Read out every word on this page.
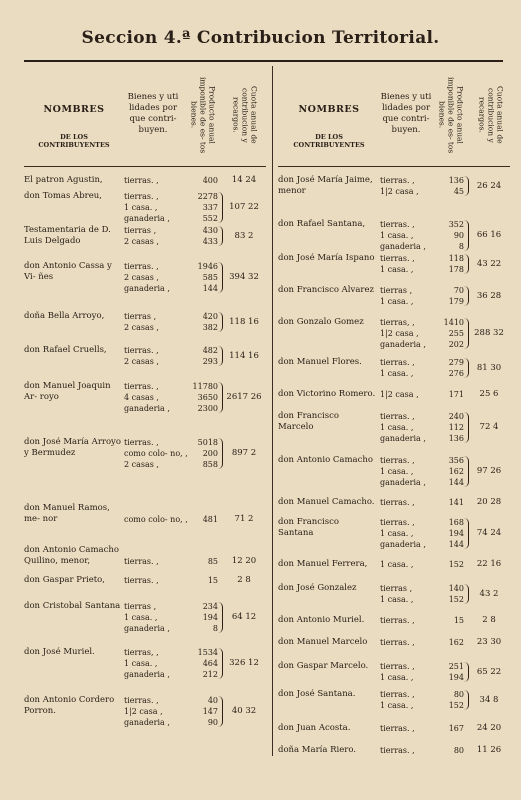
Seccion 4.ª Contribucion Territorial.
NOMBRES
DE LOS CONTRIBUYENTES
Bienes y uti lidades por que contri- buyen.	Producto anual imponible de es- tos bienes.	Cuota anual de contribucion y recargos.
El patron Agustin,	tierras. ,	400	14 24
don Tomas Abreu,	tierras. ,	2278
1 casa. ,	337
ganaderia ,	552
107 22
Testamentaria de D. Luis Delgado
tierras ,	430
2 casas ,	433
83 2
don Antonio Cassa y Vi- ñes
tierras. ,	1946
2 casas ,	585
ganaderia ,	144
394 32
doña Bella Arroyo,	tierras ,	420
2 casas ,	382
118 16
don Rafael Cruells,	tierras. ,	482
2 casas ,	293
114 16
don Manuel Joaquin Ar- royo
tierras. ,	11780
4 casas ,	3650
ganaderia ,	2300
2617 26
don José María Arroyo y Bermudez
tierras. ,	5018
como colo- no, ,	200
2 casas ,	858
897 2
don Manuel Ramos, me- nor	como colo- no, ,	481	71 2
don Antonio Camacho Quilino, menor,	tierras. ,	85	12 20
don Gaspar Prieto,	tierras. ,	15	2 8
don Cristobal Santana tierras ,	234
1 casa. ,	194
ganaderia ,	8
64 12
don José Muriel.	tierras, ,	1534
1 casa. ,	464
ganaderia ,	212
326 12
don Antonio Cordero Porron.
tierras. ,	40
1|2 casa ,	147
ganaderia ,	90
40 32
NOMBRES
DE LOS CONTRIBUYENTES
Bienes y uti lidades por que contri- buyen.	Producto anual imponible de es- tos bienes.	Cuota anual de contribucion y recargos.
don José María Jaime, menor
tierras. ,	136
1|2 casa ,	45
26 24
don Rafael Santana,	tierras. ,	352
1 casa. ,	90
ganaderia ,	8
66 16
don José María Ispano tierras. ,	118
1 casa. ,	178
43 22
don Francisco Alvarez tierras ,	70
1 casa. ,	179
36 28
don Gonzalo Gomez	tierras, ,	1410
1|2 casa ,	255
ganaderia ,	202
288 32
don Manuel Flores.	tierras. ,	279
1 casa. ,	276
81 30
don Victorino Romero. 1|2 casa ,	171	25 6
don Francisco Marcelo
tierras. ,	240
1 casa. ,	112
ganaderia ,	136
72 4
don Antonio Camacho tierras. ,	356
1 casa. ,	162
ganaderia ,	144
97 26
don Manuel Camacho. tierras. ,	141	20 28
don Francisco Santana
tierras. ,	168
1 casa. ,	194
ganaderia ,	144
74 24
don Manuel Ferrera,	1 casa. ,	152	22 16
don José Gonzalez	tierras ,	140
1 casa. ,	152
43 2
don Antonio Muriel.	tierras. ,	15	2 8
don Manuel Marcelo	tierras. ,	162	23 30
don Gaspar Marcelo.	tierras. ,	251
1 casa. ,	194
65 22
don José Santana.	tierras. ,	80
1 casa. ,	152
34 8
don Juan Acosta.	tierras. ,	167	24 20
doña María Riero.	tierras. ,	80	11 26
